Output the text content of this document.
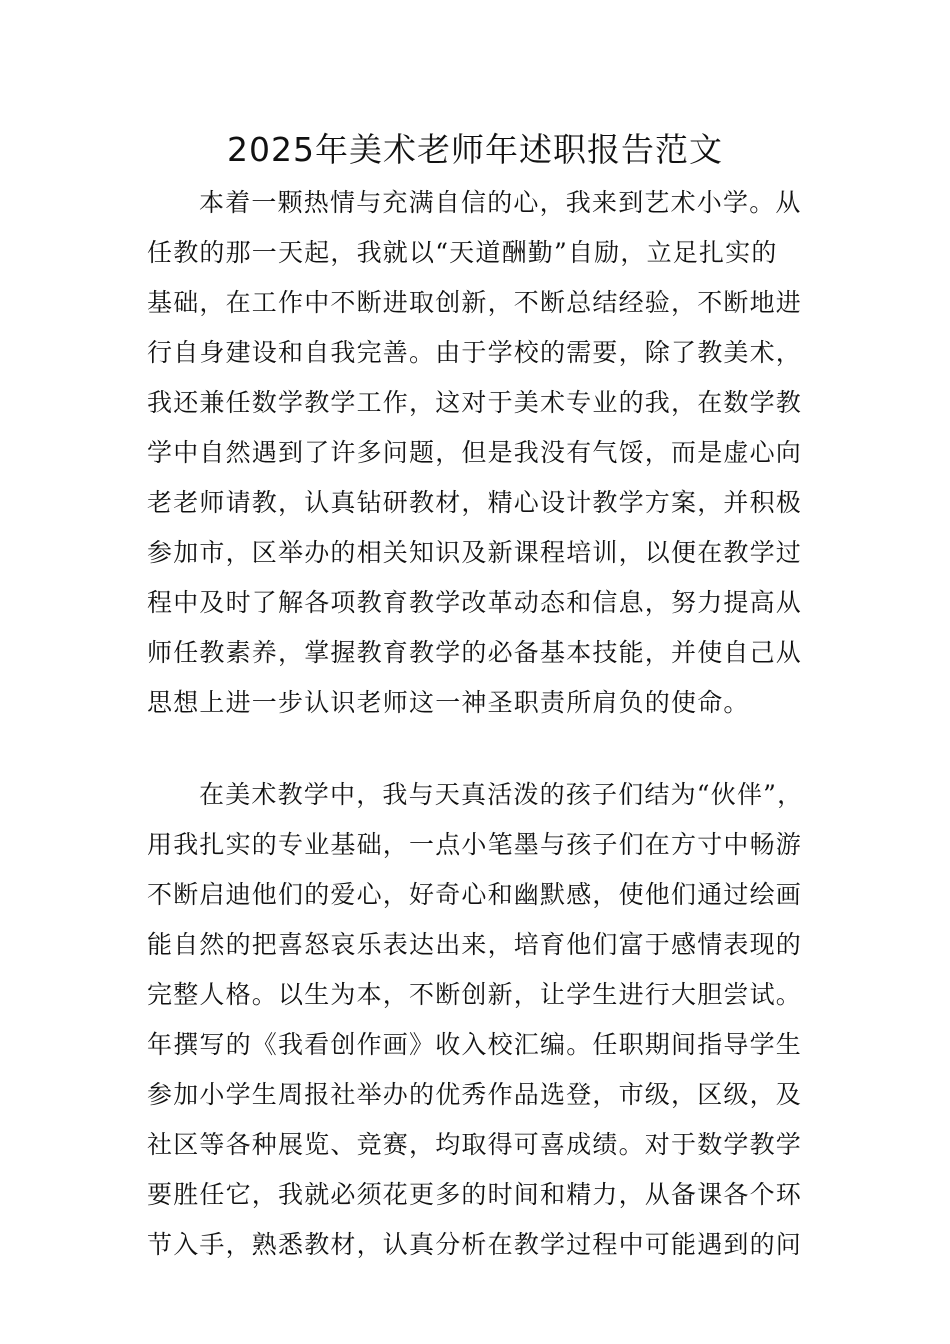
2025年美术老师年述职报告范文
本着一颗热情与充满自信的心，我来到艺术小学。从
任教的那一天起，我就以“天道酬勤”自励，立足扎实的
基础，在工作中不断进取创新，不断总结经验，不断地进
行自身建设和自我完善。由于学校的需要，除了教美术，
我还兼任数学教学工作，这对于美术专业的我，在数学教
学中自然遇到了许多问题，但是我没有气馁，而是虚心向
老老师请教，认真钻研教材，精心设计教学方案，并积极
参加市，区举办的相关知识及新课程培训，以便在教学过
程中及时了解各项教育教学改革动态和信息，努力提高从
师任教素养，掌握教育教学的必备基本技能，并使自己从
思想上进一步认识老师这一神圣职责所肩负的使命。
在美术教学中，我与天真活泼的孩子们结为“伙伴”，
用我扎实的专业基础，一点小笔墨与孩子们在方寸中畅游
不断启迪他们的爱心，好奇心和幽默感，使他们通过绘画
能自然的把喜怒哀乐表达出来，培育他们富于感情表现的
完整人格。以生为本，不断创新，让学生进行大胆尝试。
年撰写的《我看创作画》收入校汇编。任职期间指导学生
参加小学生周报社举办的优秀作品选登，市级，区级，及
社区等各种展览、竞赛，均取得可喜成绩。对于数学教学
要胜任它，我就必须花更多的时间和精力，从备课各个环
节入手，熟悉教材，认真分析在教学过程中可能遇到的问
